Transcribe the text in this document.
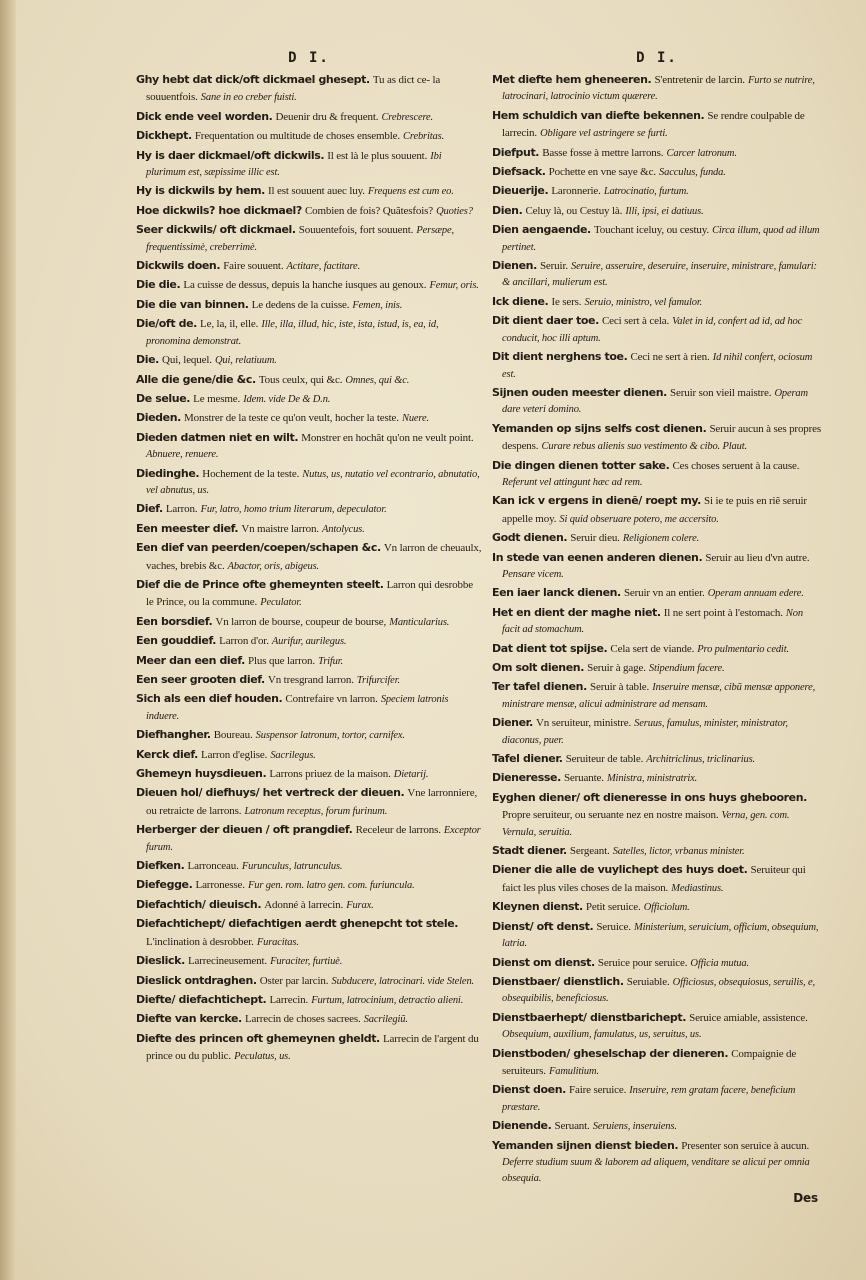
D I.

Ghy hebt dat dick/oft dickmael ghesept. Tu as dict ce- la souuentfois. Sane in eo creber fuisti.

Dick ende veel worden. Deuenir dru & frequent. Crebrescere.

Dickhept. Frequentation ou multitude de choses ensemble. Crebritas.

Hy is daer dickmael/oft dickwils. Il est là le plus souuent. Ibi plurimum est, sæpissime illic est.

Hy is dickwils by hem. Il est souuent auec luy. Frequens est cum eo.

Hoe dickwils? hoe dickmael? Combien de fois? Quãtesfois? Quoties?

Seer dickwils/ oft dickmael. Souuentefois, fort souuent. Persæpe, frequentissimè, creberrimè.

Dickwils doen. Faire souuent. Actitare, factitare.

Die die. La cuisse de dessus, depuis la hanche iusques au genoux. Femur, oris.

Die die van binnen. Le dedens de la cuisse. Femen, inis.

Die/oft de. Le, la, il, elle. Ille, illa, illud, hic, iste, ista, istud, is, ea, id, pronomina demonstrat.

Die. Qui, lequel. Qui, relatiuum.

Alle die gene/die &c. Tous ceulx, qui &c. Omnes, qui &c.

De selue. Le mesme. Idem. vide De & D.n.

Dieden. Monstrer de la teste ce qu'on veult, hocher la teste. Nuere.

Dieden datmen niet en wilt. Monstrer en hochãt qu'on ne veult point. Abnuere, renuere.

Diedinghe. Hochement de la teste. Nutus, us, nutatio vel econtrario, abnutatio, vel abnutus, us.

Dief. Larron. Fur, latro, homo trium literarum, depeculator.

Een meester dief. Vn maistre larron. Antolycus.

Een dief van peerden/coepen/schapen &c. Vn larron de cheuaulx, vaches, brebis &c. Abactor, oris, abigeus.

Dief die de Prince ofte ghemeynten steelt. Larron qui desrobbe le Prince, ou la commune. Peculator.

Een borsdief. Vn larron de bourse, coupeur de bourse, Manticularius.

Een gouddief. Larron d'or. Aurifur, aurilegus.

Meer dan een dief. Plus que larron. Trifur.

Een seer grooten dief. Vn tresgrand larron. Trifurcifer.

Sich als een dief houden. Contrefaire vn larron. Speciem latronis induere.

Diefhangher. Boureau. Suspensor latronum, tortor, carnifex.

Kerck dief. Larron d'eglise. Sacrilegus.

Ghemeyn huysdieuen. Larrons priuez de la maison. Dietarij.

Dieuen hol/ diefhuys/ het vertreck der dieuen. Vne larronniere, ou retraicte de larrons. Latronum receptus, forum furinum.

Herberger der dieuen / oft prangdief. Receleur de larrons. Exceptor furum.

Diefken. Larronceau. Furunculus, latrunculus.

Diefegge. Larronesse. Fur gen. rom. latro gen. com. furiuncula.

Diefachtich/ dieuisch. Adonné à larrecin. Furax.

Diefachtichept/ diefachtigen aerdt ghenepcht tot stele. L'inclination à desrobber. Furacitas.

Dieslick. Larrecineusement. Furaciter, furtiuè.

Dieslick ontdraghen. Oster par larcin. Subducere, latrocinari. vide Stelen.

Diefte/ diefachtichept. Larrecin. Furtum, latrocinium, detractio alieni.

Diefte van kercke. Larrecin de choses sacrees. Sacrilegiũ.

Diefte des princen oft ghemeynen gheldt. Larrecin de l'argent du prince ou du public. Peculatus, us.

D I.

Met diefte hem gheneeren. S'entretenir de larcin. Furto se nutrire, latrocinari, latrocinio victum quærere.

Hem schuldich van diefte bekennen. Se rendre coulpable de larrecin. Obligare vel astringere se furti.

Diefput. Basse fosse à mettre larrons. Carcer latronum.

Diefsack. Pochette en vne saye &c. Sacculus, funda.

Dieuerije. Laronnerie. Latrocinatio, furtum.

Dien. Celuy là, ou Cestuy là. Illi, ipsi, ei datiuus.

Dien aengaende. Touchant iceluy, ou cestuy. Circa illum, quod ad illum pertinet.

Dienen. Seruir. Seruire, asseruire, deseruire, inseruire, ministrare, famulari: & ancillari, mulierum est.

Ick diene. Ie sers. Seruio, ministro, vel famulor.

Dit dient daer toe. Ceci sert à cela. Valet in id, confert ad id, ad hoc conducit, hoc illi aptum.

Dit dient nerghens toe. Ceci ne sert à rien. Id nihil confert, ociosum est.

Sijnen ouden meester dienen. Seruir son vieil maistre. Operam dare veteri domino.

Yemanden op sijns selfs cost dienen. Seruir aucun à ses propres despens. Curare rebus alienis suo vestimento & cibo. Plaut.

Die dingen dienen totter sake. Ces choses seruent à la cause. Referunt vel attingunt hæc ad rem.

Kan ick v ergens in dienẽ/ roept my. Si ie te puis en riẽ seruir appelle moy. Si quid obseruare potero, me accersito.

Godt dienen. Seruir dieu. Religionem colere.

In stede van eenen anderen dienen. Seruir au lieu d'vn autre. Pensare vicem.

Een iaer lanck dienen. Seruir vn an entier. Operam annuam edere.

Het en dient der maghe niet. Il ne sert point à l'estomach. Non facit ad stomachum.

Dat dient tot spijse. Cela sert de viande. Pro pulmentario cedit.

Om solt dienen. Seruir à gage. Stipendium facere.

Ter tafel dienen. Seruir à table. Inseruire mensæ, cibũ mensæ apponere, ministrare mensæ, alicui administrare ad mensam.

Diener. Vn seruiteur, ministre. Seruus, famulus, minister, ministrator, diaconus, puer.

Tafel diener. Seruiteur de table. Architriclinus, triclinarius.

Dieneresse. Seruante. Ministra, ministratrix.

Eyghen diener/ oft dieneresse in ons huys ghebooren. Propre seruiteur, ou seruante nez en nostre maison. Verna, gen. com. Vernula, seruitia.

Stadt diener. Sergeant. Satelles, lictor, vrbanus minister.

Diener die alle de vuylichept des huys doet. Seruiteur qui faict les plus viles choses de la maison. Mediastinus.

Kleynen dienst. Petit seruice. Officiolum.

Dienst/ oft denst. Seruice. Ministerium, seruicium, officium, obsequium, latria.

Dienst om dienst. Seruice pour seruice. Officia mutua.

Dienstbaer/ dienstlich. Seruiable. Officiosus, obsequiosus, seruilis, e, obsequibilis, beneficiosus.

Dienstbaerhept/ dienstbarichept. Seruice amiable, assistence. Obsequium, auxilium, famulatus, us, seruitus, us.

Dienstboden/ gheselschap der dieneren. Compaignie de seruiteurs. Famulitium.

Dienst doen. Faire seruice. Inseruire, rem gratam facere, beneficium præstare.

Dienende. Seruant. Seruiens, inseruiens.

Yemanden sijnen dienst bieden. Presenter son seruice à aucun. Deferre studium suum & laborem ad aliquem, venditare se alicui per omnia obsequia.

Des
